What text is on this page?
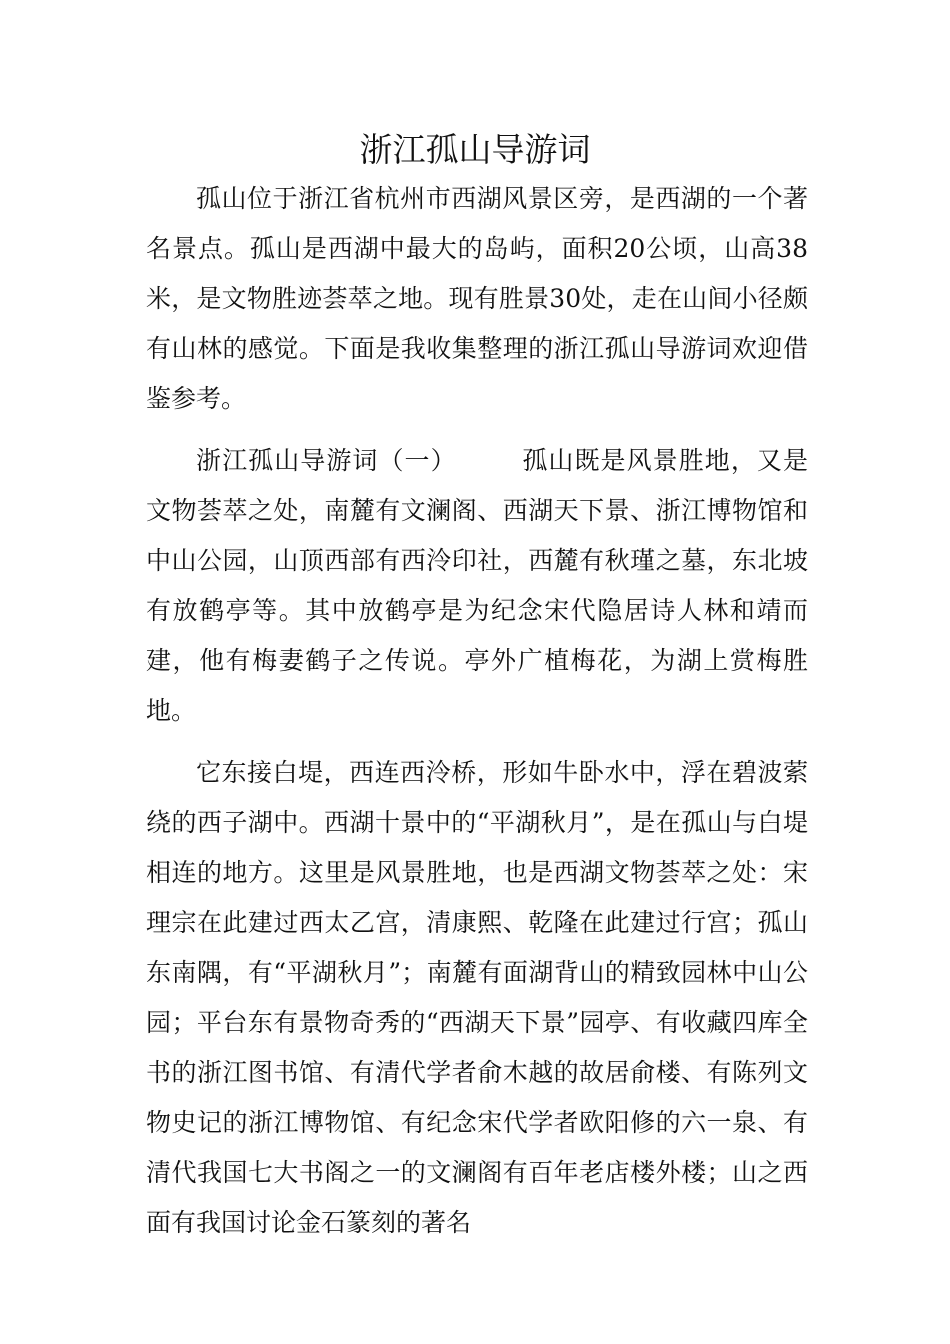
浙江孤山导游词

孤山位于浙江省杭州市西湖风景区旁，是西湖的一个著名景点。孤山是西湖中最大的岛屿，面积20公顷，山高38米，是文物胜迹荟萃之地。现有胜景30处，走在山间小径颇有山林的感觉。下面是我收集整理的浙江孤山导游词欢迎借鉴参考。

浙江孤山导游词（一）　　　孤山既是风景胜地，又是文物荟萃之处，南麓有文澜阁、西湖天下景、浙江博物馆和中山公园，山顶西部有西泠印社，西麓有秋瑾之墓，东北坡有放鹤亭等。其中放鹤亭是为纪念宋代隐居诗人林和靖而建，他有梅妻鹤子之传说。亭外广植梅花，为湖上赏梅胜地。

它东接白堤，西连西泠桥，形如牛卧水中，浮在碧波萦绕的西子湖中。西湖十景中的“平湖秋月”，是在孤山与白堤相连的地方。这里是风景胜地，也是西湖文物荟萃之处：宋理宗在此建过西太乙宫，清康熙、乾隆在此建过行宫；孤山东南隅，有“平湖秋月”；南麓有面湖背山的精致园林中山公园；平台东有景物奇秀的“西湖天下景”园亭、有收藏四库全书的浙江图书馆、有清代学者俞木越的故居俞楼、有陈列文物史记的浙江博物馆、有纪念宋代学者欧阳修的六一泉、有清代我国七大书阁之一的文澜阁有百年老店楼外楼；山之西面有我国讨论金石篆刻的著名
